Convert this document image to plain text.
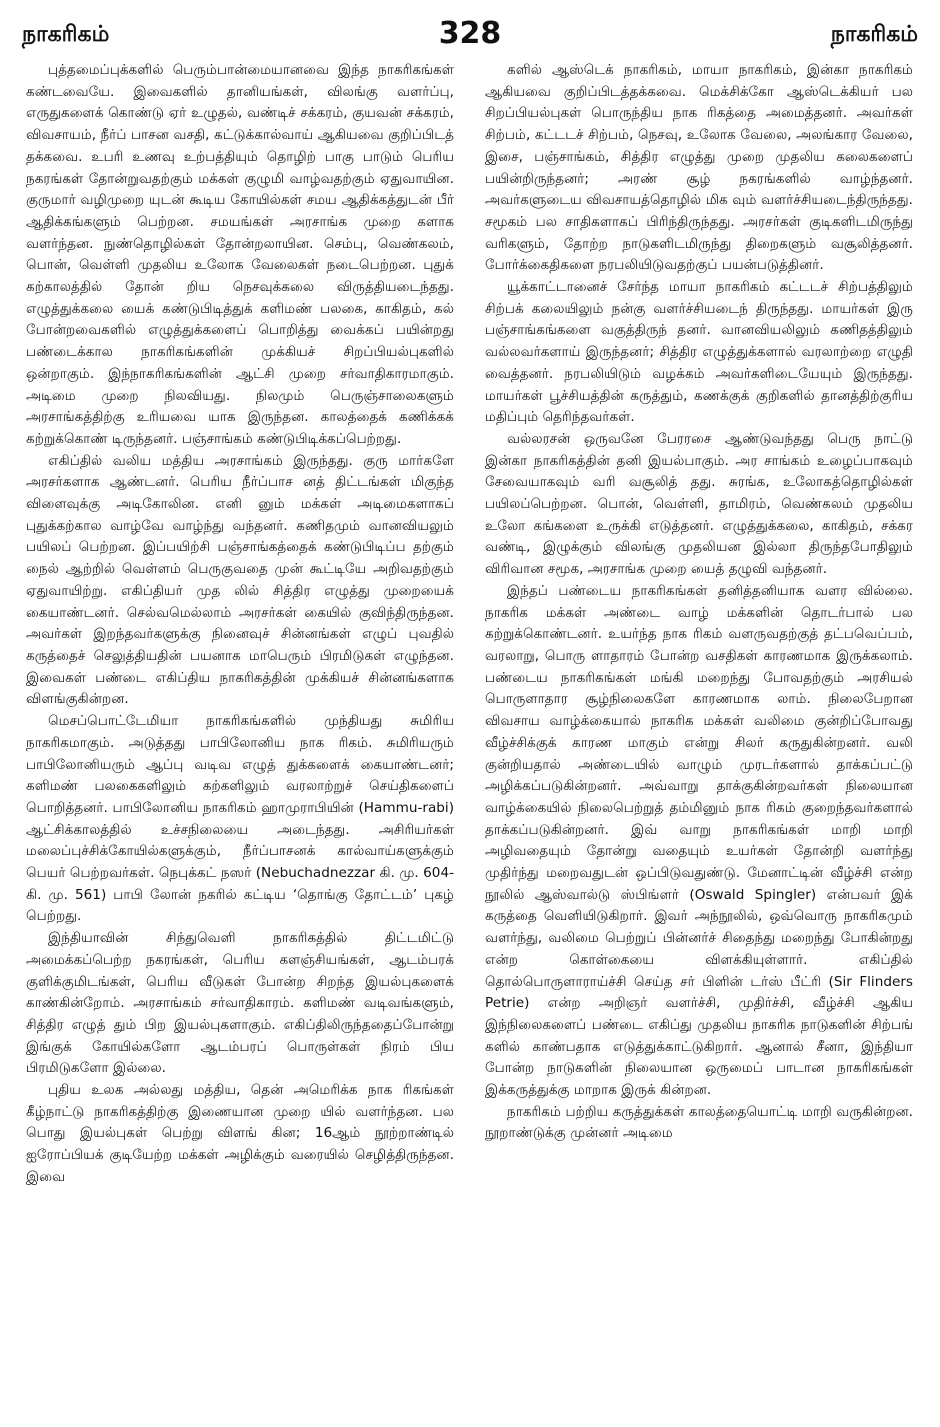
நாகரிகம்	328	நாகரிகம்

புத்தமைப்புக்களில் பெரும்பான்மையானவை இந்த நாகரிகங்கள் கண்டவையே. இவைகளில் தானியங்கள், விலங்கு வளர்ப்பு, எருதுகளைக் கொண்டு ஏர் உழுதல், வண்டிச் சக்கரம், குயவன் சக்கரம், விவசாயம், நீர்ப் பாசன வசதி, கட்டுக்கால்வாய் ஆகியவை குறிப்பிடத் தக்கவை. உபரி உணவு உற்பத்தியும் தொழிற் பாகு பாடும் பெரிய நகரங்கள் தோன்றுவதற்கும் மக்கள் குழுமி வாழ்வதற்கும் ஏதுவாயின. குருமார் வழிமுறை யுடன் கூடிய கோயில்கள் சமய ஆதிக்கத்துடன் பீர் ஆதிக்கங்களும் பெற்றன. சமயங்கள் அரசாங்க முறை களாக வளர்ந்தன. நுண்தொழில்கள் தோன்றலாயின. செம்பு, வெண்கலம், பொன், வெள்ளி முதலிய உலோக வேலைகள் நடைபெற்றன. புதுக் கற்காலத்தில் தோன் றிய நெசவுக்கலை விருத்தியடைந்தது. எழுத்துக்கலை யைக் கண்டுபிடித்துக் களிமண் பலகை, காகிதம், கல் போன்றவைகளில் எழுத்துக்களைப் பொறித்து வைக்கப் பயின்றது பண்டைக்கால நாகரிகங்களின் முக்கியச் சிறப்பியல்புகளில் ஒன்றாகும். இந்நாகரிகங்களின் ஆட்சி முறை சர்வாதிகாரமாகும். அடிமை முறை நிலவியது. நிலமும் பெருஞ்சாலைகளும் அரசாங்கத்திற்கு உரியவை யாக இருந்தன. காலத்தைக் கணிக்கக் கற்றுக்கொண் டிருந்தனர். பஞ்சாங்கம் கண்டுபிடிக்கப்பெற்றது.

எகிப்தில் வலிய மத்திய அரசாங்கம் இருந்தது. குரு மார்களே அரசர்களாக ஆண்டனர். பெரிய நீர்ப்பாச னத் திட்டங்கள் மிகுந்த விளைவுக்கு அடிகோலின. எனி னும் மக்கள் அடிமைகளாகப் புதுக்கற்கால வாழ்வே வாழ்ந்து வந்தனர். கணிதமும் வானவியலும் பயிலப் பெற்றன. இப்பயிற்சி பஞ்சாங்கத்தைக் கண்டுபிடிப்ப தற்கும் நைல் ஆற்றில் வெள்ளம் பெருகுவதை முன் கூட்டியே அறிவதற்கும் ஏதுவாயிற்று. எகிப்தியர் முத லில் சித்திர எழுத்து முறையைக் கையாண்டனர். செல்வமெல்லாம் அரசர்கள் கையில் குவிந்திருந்தன. அவர்கள் இறந்தவர்களுக்கு நினைவுச் சின்னங்கள் எழுப் புவதில் கருத்தைச் செலுத்தியதின் பயனாக மாபெரும் பிரமிடுகள் எழுந்தன. இவைகள் பண்டை எகிப்திய நாகரிகத்தின் முக்கியச் சின்னங்களாக விளங்குகின்றன.

மெசப்பொட்டேமியா நாகரிகங்களில் முந்தியது சுமிரிய நாகரிகமாகும். அடுத்தது பாபிலோனிய நாக ரிகம். சுமிரியரும் பாபிலோனியரும் ஆப்பு வடிவ எழுத் துக்களைக் கையாண்டனர்; களிமண் பலகைகளிலும் கற்களிலும் வரலாற்றுச் செய்திகளைப் பொறித்தனர். பாபிலோனிய நாகரிகம் ஹாமுராபியின் (Hammu-rabi) ஆட்சிக்காலத்தில் உச்சநிலையை அடைந்தது. அசிரியர்கள் மலைப்புச்சிக்கோயில்களுக்கும், நீர்ப்பாசனக் கால்வாய்களுக்கும் பெயர் பெற்றவர்கள். நெபுக்கட் நஸர் (Nebuchadnezzar கி. மு. 604-கி. மு. 561) பாபி லோன் நகரில் கட்டிய ‘தொங்கு தோட்டம்’ புகழ் பெற்றது.

இந்தியாவின் சிந்துவெளி நாகரிகத்தில் திட்டமிட்டு அமைக்கப்பெற்ற நகரங்கள், பெரிய களஞ்சியங்கள், ஆடம்பரக் குளிக்குமிடங்கள், பெரிய வீடுகள் போன்ற சிறந்த இயல்புகளைக் காண்கின்றோம். அரசாங்கம் சர்வாதிகாரம். களிமண் வடிவங்களும், சித்திர எழுத் தும் பிற இயல்புகளாகும். எகிப்திலிருந்ததைப்போன்று இங்குக் கோயில்களோ ஆடம்பரப் பொருள்கள் நிரம் பிய பிரமிடுகளோ இல்லை.

புதிய உலக அல்லது மத்திய, தென் அமெரிக்க நாக ரிகங்கள் கீழ்நாட்டு நாகரிகத்திற்கு இணையான முறை யில் வளர்ந்தன. பல பொது இயல்புகள் பெற்று விளங் கின; 16ஆம் நூற்றாண்டில் ஐரோப்பியக் குடியேற்ற மக்கள் அழிக்கும் வரையில் செழித்திருந்தன. இவை

களில் ஆஸ்டெக் நாகரிகம், மாயா நாகரிகம், இன்கா நாகரிகம் ஆகியவை குறிப்பிடத்தக்கவை. மெக்சிக்கோ ஆஸ்டெக்கியர் பல சிறப்பியல்புகள் பொருந்திய நாக ரிகத்தை அமைத்தனர். அவர்கள் சிற்பம், கட்டடச் சிற்பம், நெசவு, உலோக வேலை, அலங்கார வேலை, இசை, பஞ்சாங்கம், சித்திர எழுத்து முறை முதலிய கலைகளைப் பயின்றிருந்தனர்; அரண் சூழ் நகரங்களில் வாழ்ந்தனர். அவர்களுடைய விவசாயத்தொழில் மிக வும் வளர்ச்சியடைந்திருந்தது. சமூகம் பல சாதிகளாகப் பிரிந்திருந்தது. அரசர்கள் குடிகளிடமிருந்து வரிகளும், தோற்ற நாடுகளிடமிருந்து திறைகளும் வசூலித்தனர். போர்க்கைதிகளை நரபலியிடுவதற்குப் பயன்படுத்தினர்.

யூக்காட்டானைச் சேர்ந்த மாயா நாகரிகம் கட்டடச் சிற்பத்திலும் சிற்பக் கலையிலும் நன்கு வளர்ச்சியடைந் திருந்தது. மாயர்கள் இரு பஞ்சாங்கங்களை வகுத்திருந் தனர். வானவியலிலும் கணிதத்திலும் வல்லவர்களாய் இருந்தனர்; சித்திர எழுத்துக்களால் வரலாற்றை எழுதி வைத்தனர். நரபலியிடும் வழக்கம் அவர்களிடையேயும் இருந்தது. மாயர்கள் பூச்சியத்தின் கருத்தும், கணக்குக் குறிகளில் தானத்திற்குரிய மதிப்பும் தெரிந்தவர்கள்.

வல்லரசன் ஒருவனே பேரரசை ஆண்டுவந்தது பெரு நாட்டு இன்கா நாகரிகத்தின் தனி இயல்பாகும். அர சாங்கம் உழைப்பாகவும் சேவையாகவும் வரி வசூலித் தது. சுரங்க, உலோகத்தொழில்கள் பயிலப்பெற்றன. பொன், வெள்ளி, தாமிரம், வெண்கலம் முதலிய உலோ கங்களை உருக்கி எடுத்தனர். எழுத்துக்கலை, காகிதம், சக்கர வண்டி, இழுக்கும் விலங்கு முதலியன இல்லா திருந்தபோதிலும் விரிவான சமூக, அரசாங்க முறை யைத் தழுவி வந்தனர்.

இந்தப் பண்டைய நாகரிகங்கள் தனித்தனியாக வளர வில்லை. நாகரிக மக்கள் அண்டை வாழ் மக்களின் தொடர்பால் பல கற்றுக்கொண்டனர். உயர்ந்த நாக ரிகம் வளருவதற்குத் தட்பவெப்பம், வரலாறு, பொரு ளாதாரம் போன்ற வசதிகள் காரணமாக இருக்கலாம். பண்டைய நாகரிகங்கள் மங்கி மறைந்து போவதற்கும் அரசியல் பொருளாதார சூழ்நிலைகளே காரணமாக லாம். நிலைபேறான விவசாய வாழ்க்கையால் நாகரிக மக்கள் வலிமை குன்றிப்போவது வீழ்ச்சிக்குக் காரண மாகும் என்று சிலர் கருதுகின்றனர். வலி குன்றியதால் அண்டையில் வாழும் முரடர்களால் தாக்கப்பட்டு அழிக்கப்படுகின்றனர். அவ்வாறு தாக்குகின்றவர்கள் நிலையான வாழ்க்கையில் நிலைபெற்றுத் தம்மினும் நாக ரிகம் குறைந்தவர்களால் தாக்கப்படுகின்றனர். இவ் வாறு நாகரிகங்கள் மாறி மாறி அழிவதையும் தோன்று வதையும் உயர்கள் தோன்றி வளர்ந்து முதிர்ந்து மறைவதுடன் ஒப்பிடுவதுண்டு. மேனாட்டின் வீழ்ச்சி என்ற நூலில் ஆஸ்வால்டு ஸ்பிங்ளர் (Oswald Spingler) என்பவர் இக் கருத்தை வெளியிடுகிறார். இவர் அந்நூலில், ஒவ்வொரு நாகரிகமும் வளர்ந்து, வலிமை பெற்றுப் பின்னர்ச் சிதைந்து மறைந்து போகின்றது என்ற கொள்கையை விளக்கியுள்ளார். எகிப்தில் தொல்பொருளாராய்ச்சி செய்த சர் பிளின் டர்ஸ் பீட்ரி (Sir Flinders Petrie) என்ற அறிஞர் வளர்ச்சி, முதிர்ச்சி, வீழ்ச்சி ஆகிய இந்நிலைகளைப் பண்டை எகிப்து முதலிய நாகரிக நாடுகளின் சிற்பங் களில் காண்பதாக எடுத்துக்காட்டுகிறார். ஆனால் சீனா, இந்தியா போன்ற நாடுகளின் நிலையான ஒருமைப் பாடான நாகரிகங்கள் இக்கருத்துக்கு மாறாக இருக் கின்றன.

நாகரிகம் பற்றிய கருத்துக்கள் காலத்தையொட்டி மாறி வருகின்றன. நூறாண்டுக்கு முன்னர் அடிமை
